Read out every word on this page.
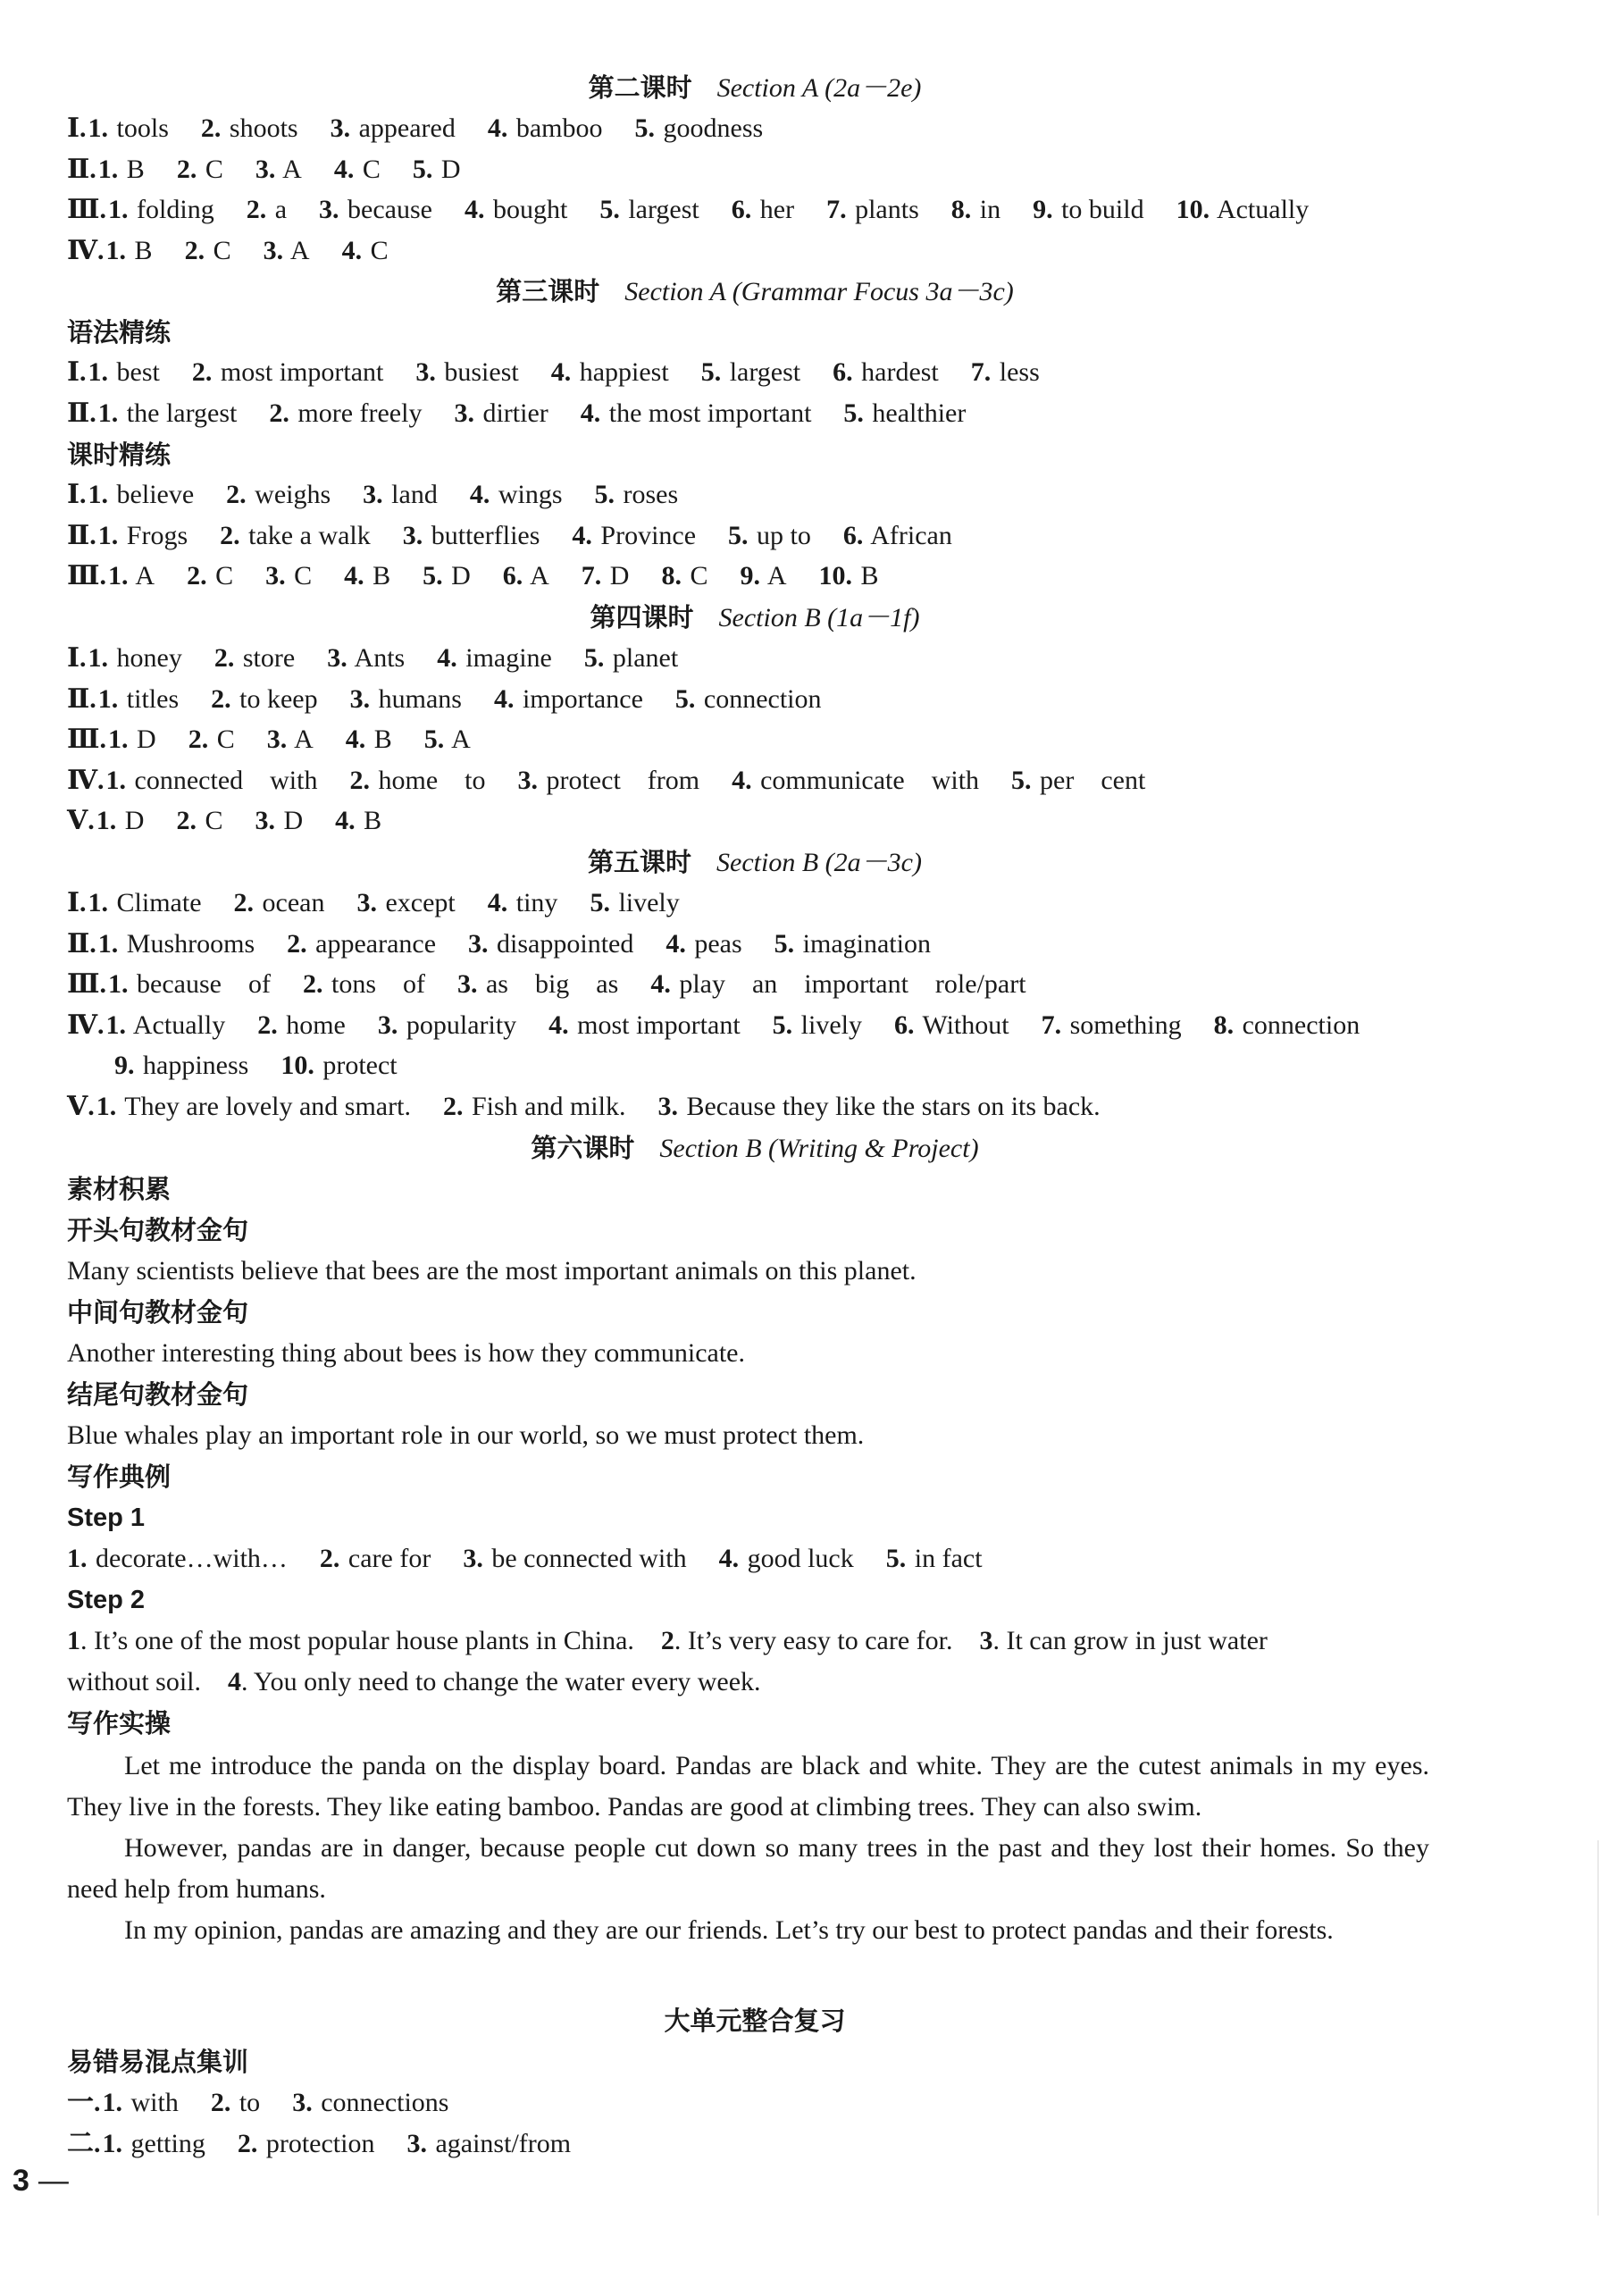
第二课时 Section A (2a－2e)
Ⅰ.1. tools 2. shoots 3. appeared 4. bamboo 5. goodness
Ⅱ.1. B 2. C 3. A 4. C 5. D
Ⅲ.1. folding 2. a 3. because 4. bought 5. largest 6. her 7. plants 8. in 9. to build 10. Actually
Ⅳ.1. B 2. C 3. A 4. C
第三课时 Section A (Grammar Focus 3a－3c)
语法精练
Ⅰ.1. best 2. most important 3. busiest 4. happiest 5. largest 6. hardest 7. less
Ⅱ.1. the largest 2. more freely 3. dirtier 4. the most important 5. healthier
课时精练
Ⅰ.1. believe 2. weighs 3. land 4. wings 5. roses
Ⅱ.1. Frogs 2. take a walk 3. butterflies 4. Province 5. up to 6. African
Ⅲ.1. A 2. C 3. C 4. B 5. D 6. A 7. D 8. C 9. A 10. B
第四课时 Section B (1a－1f)
Ⅰ.1. honey 2. store 3. Ants 4. imagine 5. planet
Ⅱ.1. titles 2. to keep 3. humans 4. importance 5. connection
Ⅲ.1. D 2. C 3. A 4. B 5. A
Ⅳ.1. connected　with 2. home　to 3. protect　from 4. communicate　with 5. per　cent
Ⅴ.1. D 2. C 3. D 4. B
第五课时 Section B (2a－3c)
Ⅰ.1. Climate 2. ocean 3. except 4. tiny 5. lively
Ⅱ.1. Mushrooms 2. appearance 3. disappointed 4. peas 5. imagination
Ⅲ.1. because　of 2. tons　of 3. as　big　as 4. play　an　important　role/part
Ⅳ.1. Actually 2. home 3. popularity 4. most important 5. lively 6. Without 7. something 8. connection
9. happiness 10. protect
Ⅴ.1. They are lovely and smart. 2. Fish and milk. 3. Because they like the stars on its back.
第六课时 Section B (Writing & Project)
素材积累
开头句教材金句
Many scientists believe that bees are the most important animals on this planet.
中间句教材金句
Another interesting thing about bees is how they communicate.
结尾句教材金句
Blue whales play an important role in our world, so we must protect them.
写作典例
Step 1
1. decorate…with… 2. care for 3. be connected with 4. good luck 5. in fact
Step 2
1. It’s one of the most popular house plants in China.　2. It’s very easy to care for.　3. It can grow in just water
without soil.　4. You only need to change the water every week.
写作实操
Let me introduce the panda on the display board. Pandas are black and white. They are the cutest animals in my eyes. They live in the forests. They like eating bamboo. Pandas are good at climbing trees. They can also swim.
However, pandas are in danger, because people cut down so many trees in the past and they lost their homes. So they need help from humans.
In my opinion, pandas are amazing and they are our friends. Let’s try our best to protect pandas and their forests.
大单元整合复习
易错易混点集训
一.1. with 2. to 3. connections
二.1. getting 2. protection 3. against/from
3 —
